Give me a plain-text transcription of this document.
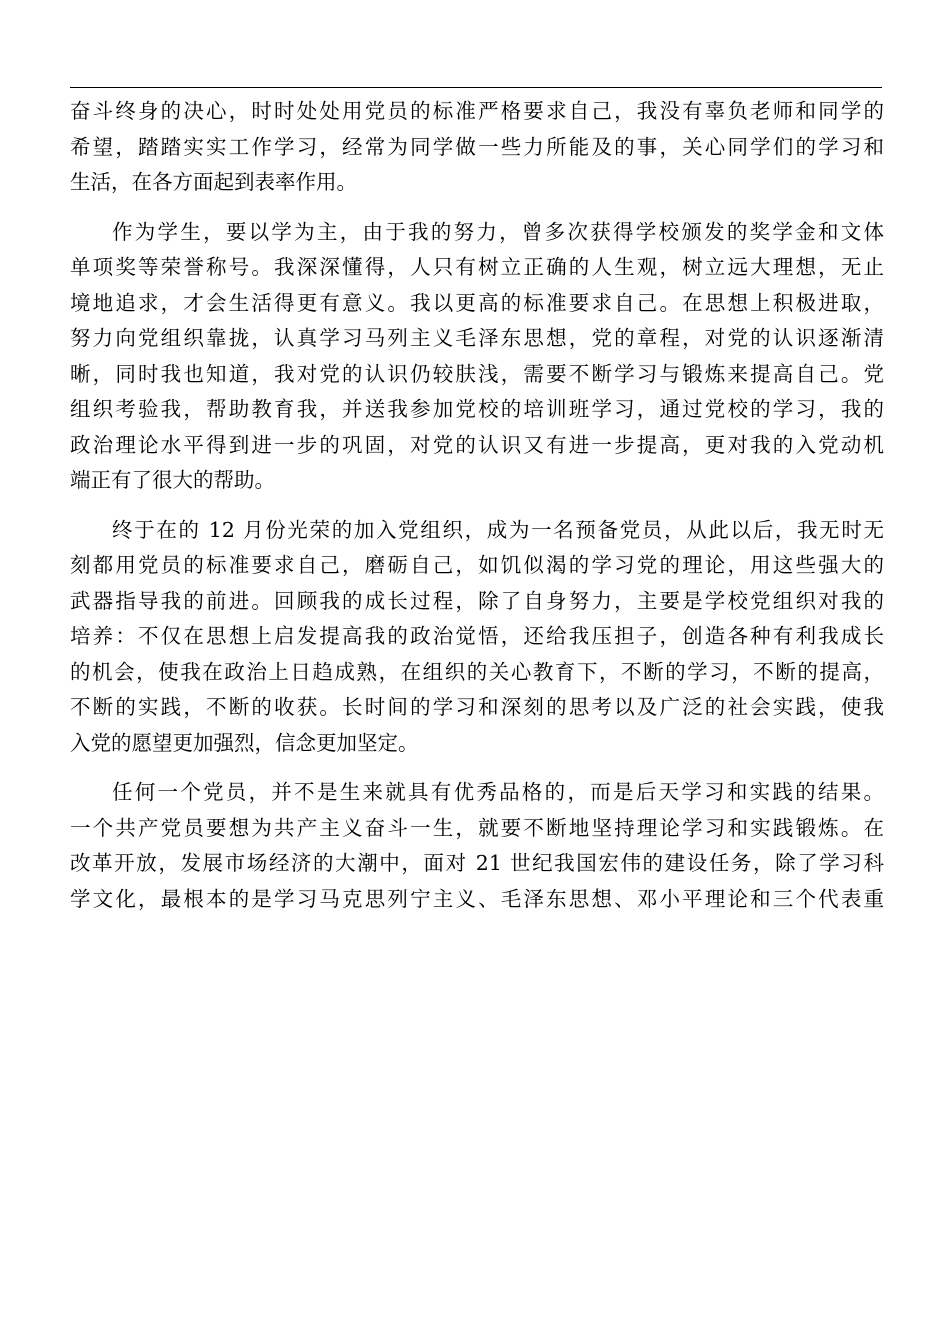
奋斗终身的决心，时时处处用党员的标准严格要求自己，我没有辜负老师和同学的
希望，踏踏实实工作学习，经常为同学做一些力所能及的事，关心同学们的学习和
生活，在各方面起到表率作用。
作为学生，要以学为主，由于我的努力，曾多次获得学校颁发的奖学金和文体
单项奖等荣誉称号。我深深懂得，人只有树立正确的人生观，树立远大理想，无止
境地追求，才会生活得更有意义。我以更高的标准要求自己。在思想上积极进取，
努力向党组织靠拢，认真学习马列主义毛泽东思想，党的章程，对党的认识逐渐清
晰，同时我也知道，我对党的认识仍较肤浅，需要不断学习与锻炼来提高自己。党
组织考验我，帮助教育我，并送我参加党校的培训班学习，通过党校的学习，我的
政治理论水平得到进一步的巩固，对党的认识又有进一步提高，更对我的入党动机
端正有了很大的帮助。
终于在的 12 月份光荣的加入党组织，成为一名预备党员，从此以后，我无时无
刻都用党员的标准要求自己，磨砺自己，如饥似渴的学习党的理论，用这些强大的
武器指导我的前进。回顾我的成长过程，除了自身努力，主要是学校党组织对我的
培养：不仅在思想上启发提高我的政治觉悟，还给我压担子，创造各种有利我成长
的机会，使我在政治上日趋成熟，在组织的关心教育下，不断的学习，不断的提高，
不断的实践，不断的收获。长时间的学习和深刻的思考以及广泛的社会实践，使我
入党的愿望更加强烈，信念更加坚定。
任何一个党员，并不是生来就具有优秀品格的，而是后天学习和实践的结果。
一个共产党员要想为共产主义奋斗一生，就要不断地坚持理论学习和实践锻炼。在
改革开放，发展市场经济的大潮中，面对 21 世纪我国宏伟的建设任务，除了学习科
学文化，最根本的是学习马克思列宁主义、毛泽东思想、邓小平理论和三个代表重
